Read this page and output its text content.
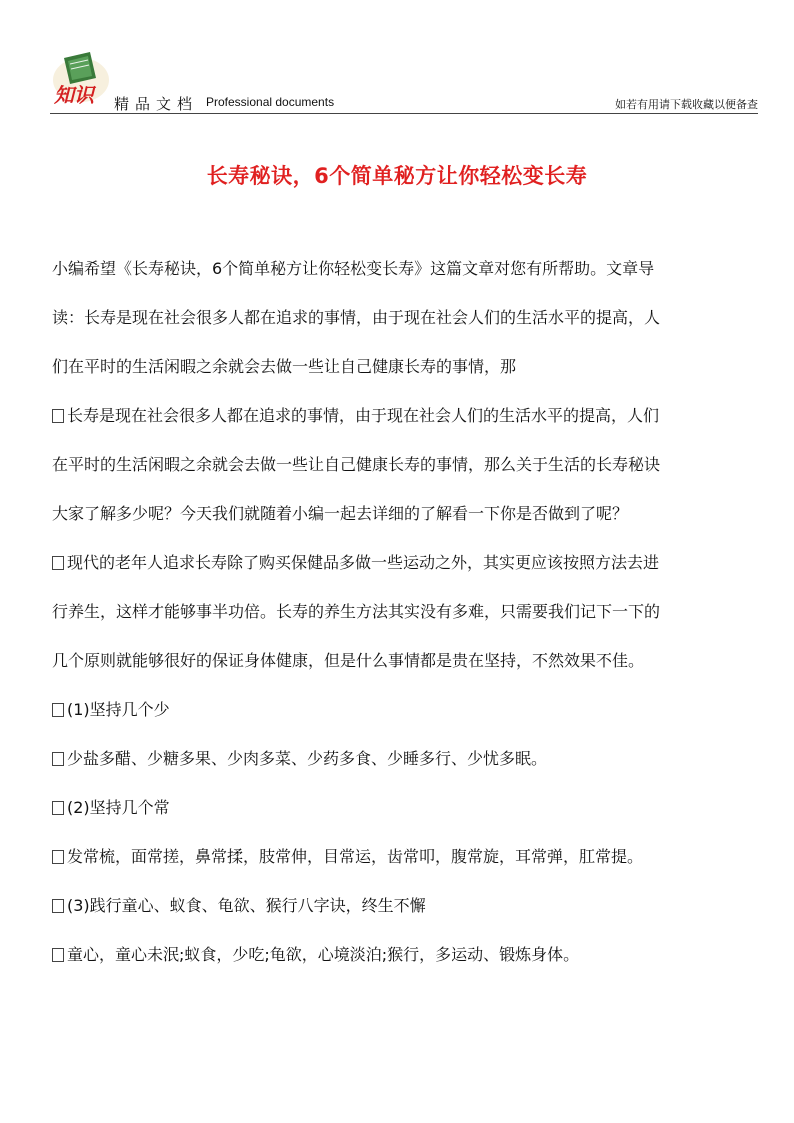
知识 精品文档 Professional documents	如若有用请下载收藏以便备查
长寿秘诀，6个简单秘方让你轻松变长寿

小编希望《长寿秘诀，6个简单秘方让你轻松变长寿》这篇文章对您有所帮助。文章导
读：长寿是现在社会很多人都在追求的事情，由于现在社会人们的生活水平的提高，人
们在平时的生活闲暇之余就会去做一些让自己健康长寿的事情，那

长寿是现在社会很多人都在追求的事情，由于现在社会人们的生活水平的提高，人们
在平时的生活闲暇之余就会去做一些让自己健康长寿的事情，那么关于生活的长寿秘诀
大家了解多少呢？今天我们就随着小编一起去详细的了解看一下你是否做到了呢？

现代的老年人追求长寿除了购买保健品多做一些运动之外，其实更应该按照方法去进
行养生，这样才能够事半功倍。长寿的养生方法其实没有多难，只需要我们记下一下的
几个原则就能够很好的保证身体健康，但是什么事情都是贵在坚持，不然效果不佳。

(1)坚持几个少

少盐多醋、少糖多果、少肉多菜、少药多食、少睡多行、少忧多眠。

(2)坚持几个常

发常梳，面常搓，鼻常揉，肢常伸，目常运，齿常叩，腹常旋，耳常弹，肛常提。

(3)践行童心、蚁食、龟欲、猴行八字诀，终生不懈

童心，童心未泯;蚁食，少吃;龟欲，心境淡泊;猴行，多运动、锻炼身体。
